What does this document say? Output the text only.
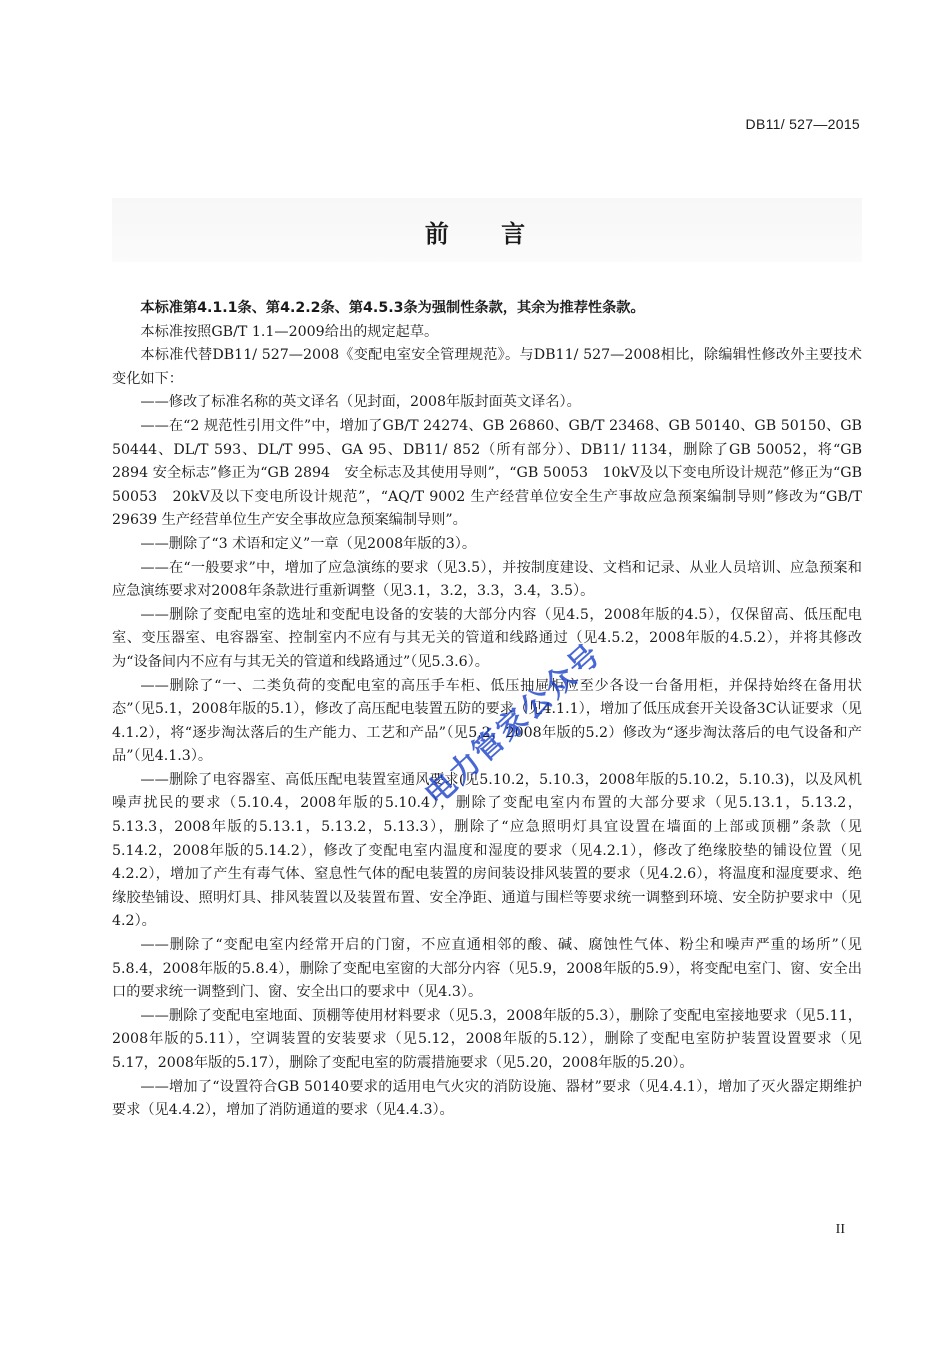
DB11/ 527—2015
前 言

本标准第4.1.1条、第4.2.2条、第4.5.3条为强制性条款，其余为推荐性条款。

本标准按照GB/T 1.1—2009给出的规定起草。

本标准代替DB11/ 527—2008《变配电室安全管理规范》。与DB11/ 527—2008相比，除编辑性修改外主要技术变化如下：

——修改了标准名称的英文译名（见封面，2008年版封面英文译名）。

——在“2 规范性引用文件”中，增加了GB/T 24274、GB 26860、GB/T 23468、GB 50140、GB 50150、GB 50444、DL/T 593、DL/T 995、GA 95、DB11/ 852（所有部分）、DB11/ 1134，删除了GB 50052，将“GB 2894 安全标志”修正为“GB 2894　安全标志及其使用导则”，“GB 50053　10kV及以下变电所设计规范”修正为“GB 50053　20kV及以下变电所设计规范”，“AQ/T 9002 生产经营单位安全生产事故应急预案编制导则”修改为“GB/T 29639 生产经营单位生产安全事故应急预案编制导则”。

——删除了“3 术语和定义”一章（见2008年版的3）。

——在“一般要求”中，增加了应急演练的要求（见3.5），并按制度建设、文档和记录、从业人员培训、应急预案和应急演练要求对2008年条款进行重新调整（见3.1，3.2，3.3，3.4，3.5）。

——删除了变配电室的选址和变配电设备的安装的大部分内容（见4.5，2008年版的4.5），仅保留高、低压配电室、变压器室、电容器室、控制室内不应有与其无关的管道和线路通过（见4.5.2，2008年版的4.5.2），并将其修改为“设备间内不应有与其无关的管道和线路通过”（见5.3.6）。

——删除了“一、二类负荷的变配电室的高压手车柜、低压抽屉柜应至少各设一台备用柜，并保持始终在备用状态”（见5.1，2008年版的5.1），修改了高压配电装置五防的要求（见4.1.1），增加了低压成套开关设备3C认证要求（见4.1.2），将“逐步淘汰落后的生产能力、工艺和产品”（见5.2，2008年版的5.2）修改为“逐步淘汰落后的电气设备和产品”（见4.1.3）。

——删除了电容器室、高低压配电装置室通风要求(见5.10.2，5.10.3，2008年版的5.10.2，5.10.3)，以及风机噪声扰民的要求（5.10.4，2008年版的5.10.4），删除了变配电室内布置的大部分要求（见5.13.1，5.13.2，5.13.3，2008年版的5.13.1，5.13.2，5.13.3），删除了“应急照明灯具宜设置在墙面的上部或顶棚”条款（见5.14.2，2008年版的5.14.2），修改了变配电室内温度和湿度的要求（见4.2.1），修改了绝缘胶垫的铺设位置（见4.2.2），增加了产生有毒气体、窒息性气体的配电装置的房间装设排风装置的要求（见4.2.6），将温度和湿度要求、绝缘胶垫铺设、照明灯具、排风装置以及装置布置、安全净距、通道与围栏等要求统一调整到环境、安全防护要求中（见4.2）。

——删除了“变配电室内经常开启的门窗，不应直通相邻的酸、碱、腐蚀性气体、粉尘和噪声严重的场所”（见5.8.4，2008年版的5.8.4），删除了变配电室窗的大部分内容（见5.9，2008年版的5.9），将变配电室门、窗、安全出口的要求统一调整到门、窗、安全出口的要求中（见4.3）。

——删除了变配电室地面、顶棚等使用材料要求（见5.3，2008年版的5.3），删除了变配电室接地要求（见5.11，2008年版的5.11），空调装置的安装要求（见5.12，2008年版的5.12），删除了变配电室防护装置设置要求（见5.17，2008年版的5.17），删除了变配电室的防震措施要求（见5.20，2008年版的5.20）。

——增加了“设置符合GB 50140要求的适用电气火灾的消防设施、器材”要求（见4.4.1），增加了灭火器定期维护要求（见4.4.2），增加了消防通道的要求（见4.4.3）。

电力管家公众号
II
